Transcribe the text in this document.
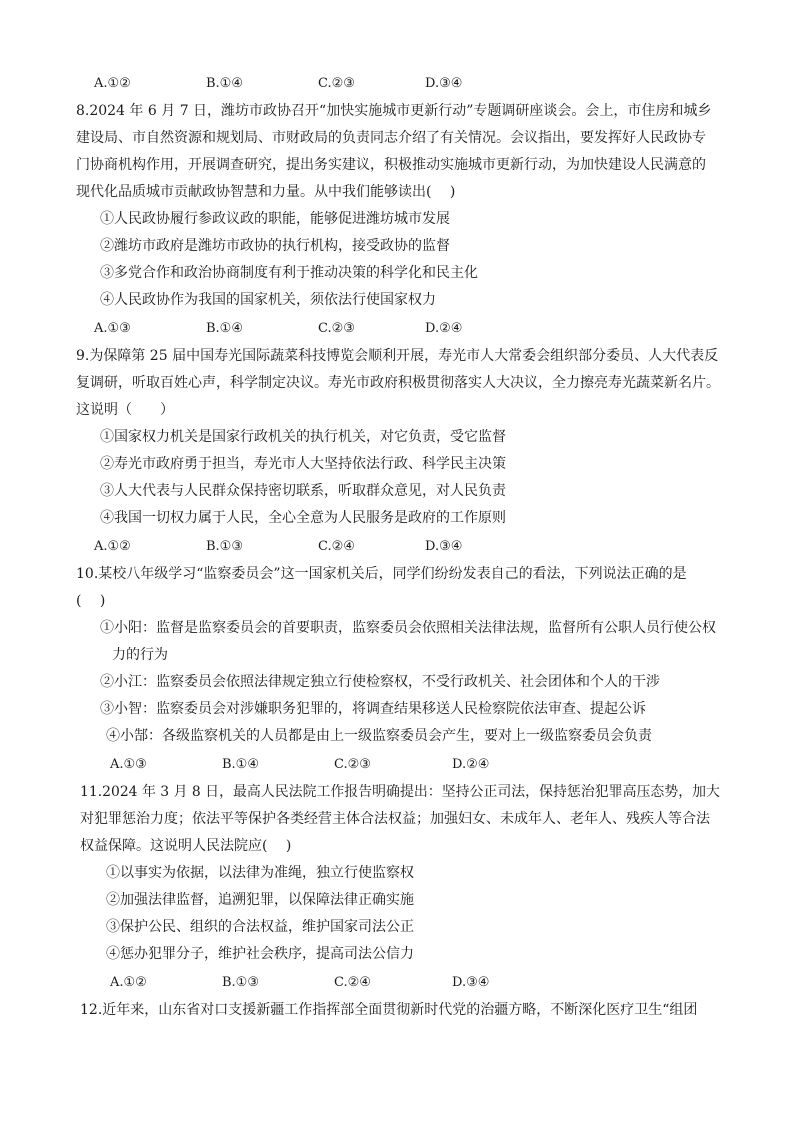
A.①②	B.①④	C.②③	D.③④
8.2024 年 6 月 7 日，潍坊市政协召开“加快实施城市更新行动”专题调研座谈会。会上，市住房和城乡
建设局、市自然资源和规划局、市财政局的负责同志介绍了有关情况。会议指出，要发挥好人民政协专
门协商机构作用，开展调查研究，提出务实建议，积极推动实施城市更新行动，为加快建设人民满意的
现代化品质城市贡献政协智慧和力量。从中我们能够读出(　 )
①人民政协履行参政议政的职能，能够促进潍坊城市发展
②潍坊市政府是潍坊市政协的执行机构，接受政协的监督
③多党合作和政治协商制度有利于推动决策的科学化和民主化
④人民政协作为我国的国家机关，须依法行使国家权力
A.①③	B.①④	C.②③	D.②④
9.为保障第 25 届中国寿光国际蔬菜科技博览会顺利开展，寿光市人大常委会组织部分委员、人大代表反
复调研，听取百姓心声，科学制定决议。寿光市政府积极贯彻落实人大决议，全力擦亮寿光蔬菜新名片。
这说明（　　）
①国家权力机关是国家行政机关的执行机关，对它负责，受它监督
②寿光市政府勇于担当，寿光市人大坚持依法行政、科学民主决策
③人大代表与人民群众保持密切联系，听取群众意见，对人民负责
④我国一切权力属于人民，全心全意为人民服务是政府的工作原则
A.①②	B.①③	C.②④	D.③④
10.某校八年级学习“监察委员会”这一国家机关后，同学们纷纷发表自己的看法，下列说法正确的是
(　 )
①小阳：监督是监察委员会的首要职责，监察委员会依照相关法律法规，监督所有公职人员行使公权
力的行为
②小江：监察委员会依照法律规定独立行使检察权，不受行政机关、社会团体和个人的干涉
③小智：监察委员会对涉嫌职务犯罪的，将调查结果移送人民检察院依法审查、提起公诉
④小郜：各级监察机关的人员都是由上一级监察委员会产生，要对上一级监察委员会负责
A.①③	B.①④	C.②③	D.②④
11.2024 年 3 月 8 日，最高人民法院工作报告明确提出：坚持公正司法，保持惩治犯罪高压态势，加大
对犯罪惩治力度；依法平等保护各类经营主体合法权益；加强妇女、未成年人、老年人、残疾人等合法
权益保障。这说明人民法院应(　 )
①以事实为依据，以法律为准绳，独立行使监察权
②加强法律监督，追溯犯罪，以保障法律正确实施
③保护公民、组织的合法权益，维护国家司法公正
④惩办犯罪分子，维护社会秩序，提高司法公信力
A.①②	B.①③	C.②④	D.③④
12.近年来，山东省对口支援新疆工作指挥部全面贯彻新时代党的治疆方略，不断深化医疗卫生“组团
